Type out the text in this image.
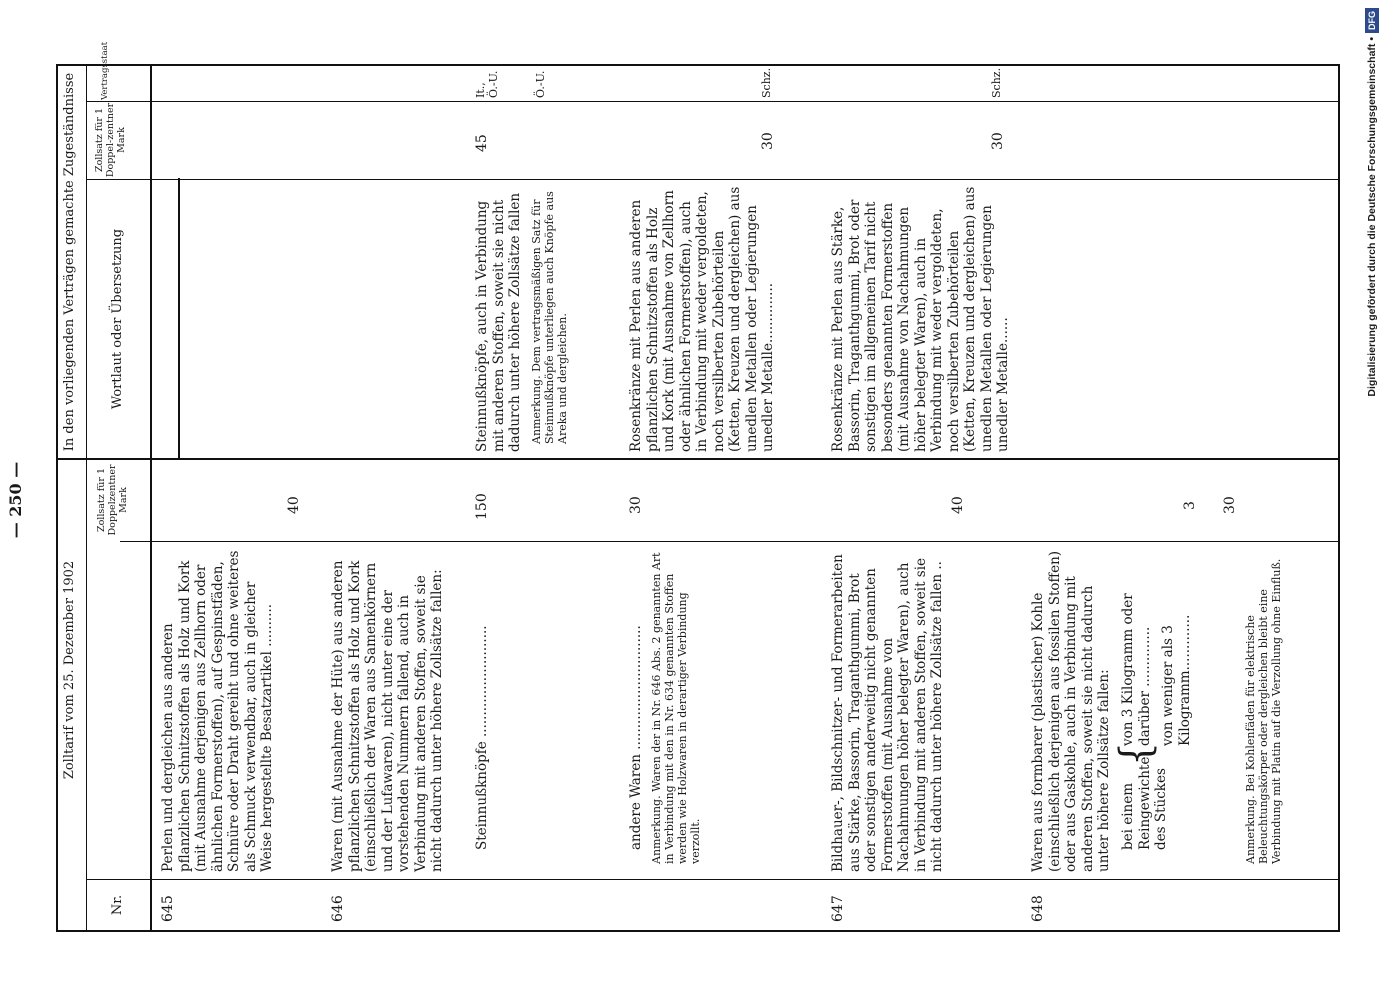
— 250 —
Zolltarif vom 25. Dezember 1902
In den vorliegenden Verträgen gemachte Zugeständnisse
Nr.
Zollsatz für 1 Doppelzentner Mark
Wortlaut oder Übersetzung
Zollsatz für 1 Doppel-zentner Mark
Vertragsstaat
645
Perlen und dergleichen aus anderen pflanzlichen Schnitzstoffen als Holz und Kork (mit Ausnahme derjenigen aus Zellhorn oder ähnlichen Formerstoffen), auf Gespinstfäden, Schnüre oder Draht gereiht und ohne weiteres als Schmuck verwendbar, auch in gleicher Weise hergestellte Besatzartikel ..........
40
646
Waren (mit Ausnahme der Hüte) aus anderen pflanzlichen Schnitzstoffen als Holz und Kork (einschließlich der Waren aus Samenkörnern und der Lufawaren), nicht unter eine der vorstehenden Nummern fallend, auch in Verbindung mit anderen Stoffen, soweit sie nicht dadurch unter höhere Zollsätze fallen: Steinnußknöpfe ..........................
150
andere Waren .............................
30
Anmerkung. Waren der in Nr. 646 Abs. 2 genannten Art in Verbindung mit den in Nr. 634 genannten Stoffen werden wie Holzwaren in derartiger Verbindung verzollt.
647
Bildhauer-, Bildschnitzer- und Formerarbeiten aus Stärke, Bassorin, Traganthgummi, Brot oder sonstigen anderweitig nicht genannten Formerstoffen (mit Ausnahme von Nachahmungen höher belegter Waren), auch in Verbindung mit anderen Stoffen, soweit sie nicht dadurch unter höhere Zollsätze fallen ..
40
648
Waren aus formbarer (plastischer) Kohle (einschließlich derjenigen aus fossilen Stoffen) oder aus Gaskohle, auch in Verbindung mit anderen Stoffen, soweit sie nicht dadurch unter höhere Zollsätze fallen: bei einem Reingewichte des Stückes
{
von 3 Kilogramm oder darüber .............. von weniger als 3 Kilogramm.............
3 30
Anmerkung. Bei Kohlenfäden für elektrische Beleuchtungskörper oder dergleichen bleibt eine Verbindung mit Platin auf die Verzollung ohne Einfluß.
Steinnußknöpfe, auch in Verbindung mit anderen Stoffen, soweit sie nicht dadurch unter höhere Zollsätze fallen Anmerkung. Dem vertragsmäßigen Satz für Steinnußknöpfe unterliegen auch Knöpfe aus Areka und dergleichen.
45
It., Ö.-U.	Ö.-U.
Rosenkränze mit Perlen aus anderen pflanzlichen Schnitzstoffen als Holz und Kork (mit Ausnahme von Zellhorn oder ähnlichen Formerstoffen), auch in Verbindung mit weder vergoldeten, noch versilberten Zubehörteilen (Ketten, Kreuzen und dergleichen) aus unedlen Metallen oder Legierungen unedler Metalle..............
30
Schz.
Rosenkränze mit Perlen aus Stärke, Bassorin, Traganthgummi, Brot oder sonstigen im allgemeinen Tarif nicht besonders genannten Formerstoffen (mit Ausnahme von Nachahmungen höher belegter Waren), auch in Verbindung mit weder vergoldeten, noch versilberten Zubehörteilen (Ketten, Kreuzen und dergleichen) aus unedlen Metallen oder Legierungen unedler Metalle......
30
Schz.	Digitalisierung gefördert durch die Deutsche Forschungsgemeinschaft •DFG
